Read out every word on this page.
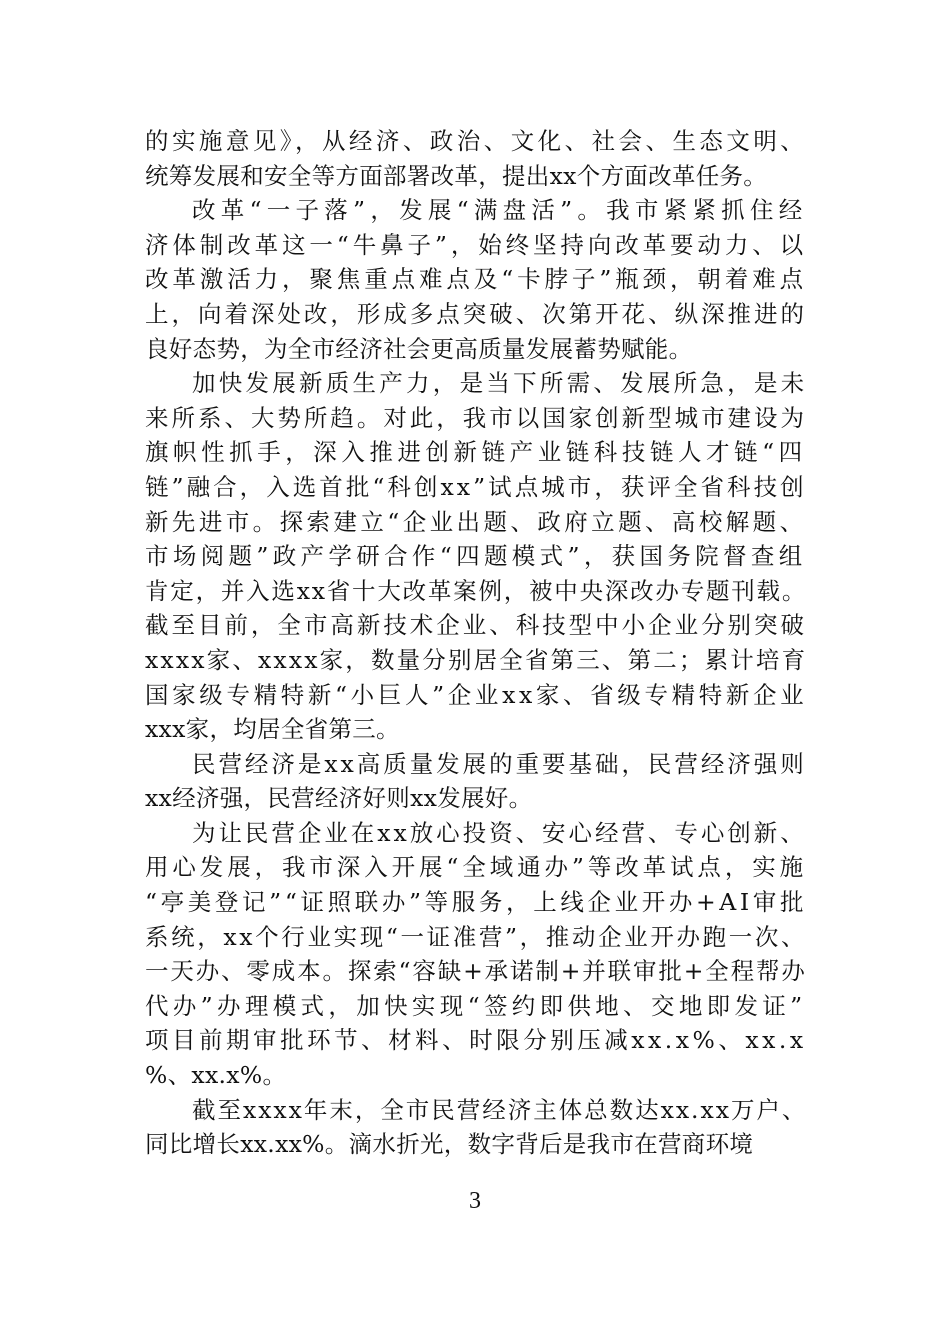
的实施意见》，从经济、政治、文化、社会、生态文明、
统筹发展和安全等方面部署改革，提出xx个方面改革任务。
改革“一子落”，发展“满盘活”。我市紧紧抓住经
济体制改革这一“牛鼻子”，始终坚持向改革要动力、以
改革激活力，聚焦重点难点及“卡脖子”瓶颈，朝着难点
上，向着深处改，形成多点突破、次第开花、纵深推进的
良好态势，为全市经济社会更高质量发展蓄势赋能。
加快发展新质生产力，是当下所需、发展所急，是未
来所系、大势所趋。对此，我市以国家创新型城市建设为
旗帜性抓手，深入推进创新链产业链科技链人才链“四
链”融合，入选首批“科创xx”试点城市，获评全省科技创
新先进市。探索建立“企业出题、政府立题、高校解题、
市场阅题”政产学研合作“四题模式”，获国务院督查组
肯定，并入选xx省十大改革案例，被中央深改办专题刊载。
截至目前，全市高新技术企业、科技型中小企业分别突破
xxxx家、xxxx家，数量分别居全省第三、第二；累计培育
国家级专精特新“小巨人”企业xx家、省级专精特新企业
xxx家，均居全省第三。
民营经济是xx高质量发展的重要基础，民营经济强则
xx经济强，民营经济好则xx发展好。
为让民营企业在xx放心投资、安心经营、专心创新、
用心发展，我市深入开展“全域通办”等改革试点，实施
“亭美登记”“证照联办”等服务，上线企业开办+AI审批
系统，xx个行业实现“一证准营”，推动企业开办跑一次、
一天办、零成本。探索“容缺+承诺制+并联审批+全程帮办
代办”办理模式，加快实现“签约即供地、交地即发证”
项目前期审批环节、材料、时限分别压减xx.x%、xx.x
%、xx.x%。
截至xxxx年末，全市民营经济主体总数达xx.xx万户、
同比增长xx.xx%。滴水折光，数字背后是我市在营商环境
3
